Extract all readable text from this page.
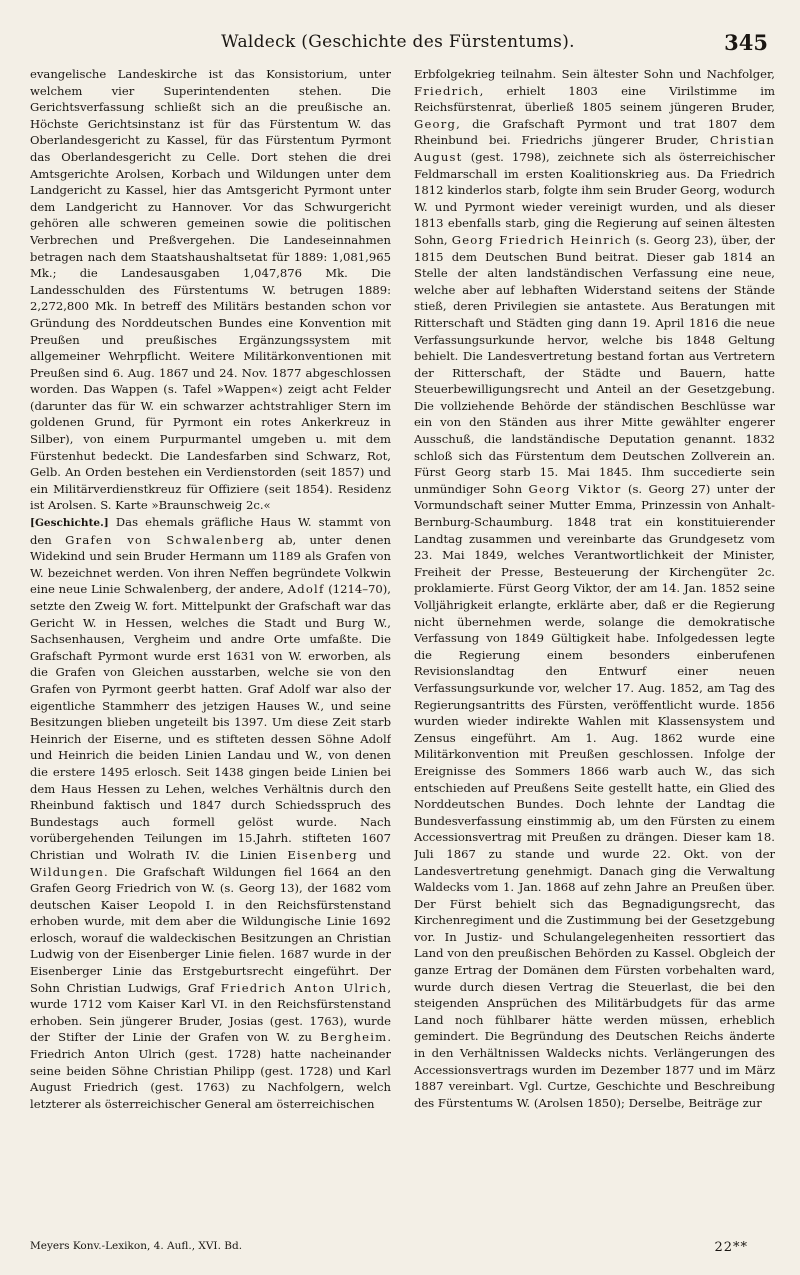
Waldeck (Geschichte des Fürstentums).	345

evangelische Landeskirche ist das Konsistorium, unter welchem vier Superintendenten stehen. Die Gerichtsverfassung schließt sich an die preußische an. Höchste Gerichtsinstanz ist für das Fürstentum W. das Oberlandesgericht zu Kassel, für das Fürstentum Pyrmont das Oberlandesgericht zu Celle. Dort stehen die drei Amtsgerichte Arolsen, Korbach und Wildungen unter dem Landgericht zu Kassel, hier das Amtsgericht Pyrmont unter dem Landgericht zu Hannover. Vor das Schwurgericht gehören alle schweren gemeinen sowie die politischen Verbrechen und Preßvergehen. Die Landeseinnahmen betragen nach dem Staatshaushaltsetat für 1889: 1,081,965 Mk.; die Landesausgaben 1,047,876 Mk. Die Landesschulden des Fürstentums W. betrugen 1889: 2,272,800 Mk. In betreff des Militärs bestanden schon vor Gründung des Norddeutschen Bundes eine Konvention mit Preußen und preußisches Ergänzungssystem mit allgemeiner Wehrpflicht. Weitere Militärkonventionen mit Preußen sind 6. Aug. 1867 und 24. Nov. 1877 abgeschlossen worden. Das Wappen (s. Tafel »Wappen«) zeigt acht Felder (darunter das für W. ein schwarzer achtstrahliger Stern im goldenen Grund, für Pyrmont ein rotes Ankerkreuz in Silber), von einem Purpurmantel umgeben u. mit dem Fürstenhut bedeckt. Die Landesfarben sind Schwarz, Rot, Gelb. An Orden bestehen ein Verdienstorden (seit 1857) und ein Militärverdienstkreuz für Offiziere (seit 1854). Residenz ist Arolsen. S. Karte »Braunschweig 2c.«

[Geschichte.] Das ehemals gräfliche Haus W. stammt von den Grafen von Schwalenberg ab, unter denen Widekind und sein Bruder Hermann um 1189 als Grafen von W. bezeichnet werden. Von ihren Neffen begründete Volkwin eine neue Linie Schwalenberg, der andere, Adolf (1214–70), setzte den Zweig W. fort. Mittelpunkt der Grafschaft war das Gericht W. in Hessen, welches die Stadt und Burg W., Sachsenhausen, Vergheim und andre Orte umfaßte. Die Grafschaft Pyrmont wurde erst 1631 von W. erworben, als die Grafen von Gleichen ausstarben, welche sie von den Grafen von Pyrmont geerbt hatten. Graf Adolf war also der eigentliche Stammherr des jetzigen Hauses W., und seine Besitzungen blieben ungeteilt bis 1397. Um diese Zeit starb Heinrich der Eiserne, und es stifteten dessen Söhne Adolf und Heinrich die beiden Linien Landau und W., von denen die erstere 1495 erlosch. Seit 1438 gingen beide Linien bei dem Haus Hessen zu Lehen, welches Verhältnis durch den Rheinbund faktisch und 1847 durch Schiedsspruch des Bundestags auch formell gelöst wurde. Nach vorübergehenden Teilungen im 15.Jahrh. stifteten 1607 Christian und Wolrath IV. die Linien Eisenberg und Wildungen. Die Grafschaft Wildungen fiel 1664 an den Grafen Georg Friedrich von W. (s. Georg 13), der 1682 vom deutschen Kaiser Leopold I. in den Reichsfürstenstand erhoben wurde, mit dem aber die Wildungische Linie 1692 erlosch, worauf die waldeckischen Besitzungen an Christian Ludwig von der Eisenberger Linie fielen. 1687 wurde in der Eisenberger Linie das Erstgeburtsrecht eingeführt. Der Sohn Christian Ludwigs, Graf Friedrich Anton Ulrich, wurde 1712 vom Kaiser Karl VI. in den Reichsfürstenstand erhoben. Sein jüngerer Bruder, Josias (gest. 1763), wurde der Stifter der Linie der Grafen von W. zu Bergheim. Friedrich Anton Ulrich (gest. 1728) hatte nacheinander seine beiden Söhne Christian Philipp (gest. 1728) und Karl August Friedrich (gest. 1763) zu Nachfolgern, welch letzterer als österreichischer General am österreichischen

Erbfolgekrieg teilnahm. Sein ältester Sohn und Nachfolger, Friedrich, erhielt 1803 eine Virilstimme im Reichsfürstenrat, überließ 1805 seinem jüngeren Bruder, Georg, die Grafschaft Pyrmont und trat 1807 dem Rheinbund bei. Friedrichs jüngerer Bruder, Christian August (gest. 1798), zeichnete sich als österreichischer Feldmarschall im ersten Koalitionskrieg aus. Da Friedrich 1812 kinderlos starb, folgte ihm sein Bruder Georg, wodurch W. und Pyrmont wieder vereinigt wurden, und als dieser 1813 ebenfalls starb, ging die Regierung auf seinen ältesten Sohn, Georg Friedrich Heinrich (s. Georg 23), über, der 1815 dem Deutschen Bund beitrat. Dieser gab 1814 an Stelle der alten landständischen Verfassung eine neue, welche aber auf lebhaften Widerstand seitens der Stände stieß, deren Privilegien sie antastete. Aus Beratungen mit Ritterschaft und Städten ging dann 19. April 1816 die neue Verfassungsurkunde hervor, welche bis 1848 Geltung behielt. Die Landesvertretung bestand fortan aus Vertretern der Ritterschaft, der Städte und Bauern, hatte Steuerbewilligungsrecht und Anteil an der Gesetzgebung. Die vollziehende Behörde der ständischen Beschlüsse war ein von den Ständen aus ihrer Mitte gewählter engerer Ausschuß, die landständische Deputation genannt. 1832 schloß sich das Fürstentum dem Deutschen Zollverein an. Fürst Georg starb 15. Mai 1845. Ihm succedierte sein unmündiger Sohn Georg Viktor (s. Georg 27) unter der Vormundschaft seiner Mutter Emma, Prinzessin von Anhalt-Bernburg-Schaumburg. 1848 trat ein konstituierender Landtag zusammen und vereinbarte das Grundgesetz vom 23. Mai 1849, welches Verantwortlichkeit der Minister, Freiheit der Presse, Besteuerung der Kirchengüter 2c. proklamierte. Fürst Georg Viktor, der am 14. Jan. 1852 seine Volljährigkeit erlangte, erklärte aber, daß er die Regierung nicht übernehmen werde, solange die demokratische Verfassung von 1849 Gültigkeit habe. Infolgedessen legte die Regierung einem besonders einberufenen Revisionslandtag den Entwurf einer neuen Verfassungsurkunde vor, welcher 17. Aug. 1852, am Tag des Regierungsantritts des Fürsten, veröffentlicht wurde. 1856 wurden wieder indirekte Wahlen mit Klassensystem und Zensus eingeführt. Am 1. Aug. 1862 wurde eine Militärkonvention mit Preußen geschlossen. Infolge der Ereignisse des Sommers 1866 warb auch W., das sich entschieden auf Preußens Seite gestellt hatte, ein Glied des Norddeutschen Bundes. Doch lehnte der Landtag die Bundesverfassung einstimmig ab, um den Fürsten zu einem Accessionsvertrag mit Preußen zu drängen. Dieser kam 18. Juli 1867 zu stande und wurde 22. Okt. von der Landesvertretung genehmigt. Danach ging die Verwaltung Waldecks vom 1. Jan. 1868 auf zehn Jahre an Preußen über. Der Fürst behielt sich das Begnadigungsrecht, das Kirchenregiment und die Zustimmung bei der Gesetzgebung vor. In Justiz- und Schulangelegenheiten ressortiert das Land von den preußischen Behörden zu Kassel. Obgleich der ganze Ertrag der Domänen dem Fürsten vorbehalten ward, wurde durch diesen Vertrag die Steuerlast, die bei den steigenden Ansprüchen des Militärbudgets für das arme Land noch fühlbarer hätte werden müssen, erheblich gemindert. Die Begründung des Deutschen Reichs änderte in den Verhältnissen Waldecks nichts. Verlängerungen des Accessionsvertrags wurden im Dezember 1877 und im März 1887 vereinbart. Vgl. Curtze, Geschichte und Beschreibung des Fürstentums W. (Arolsen 1850); Derselbe, Beiträge zur

Meyers Konv.-Lexikon, 4. Aufl., XVI. Bd.	22**
